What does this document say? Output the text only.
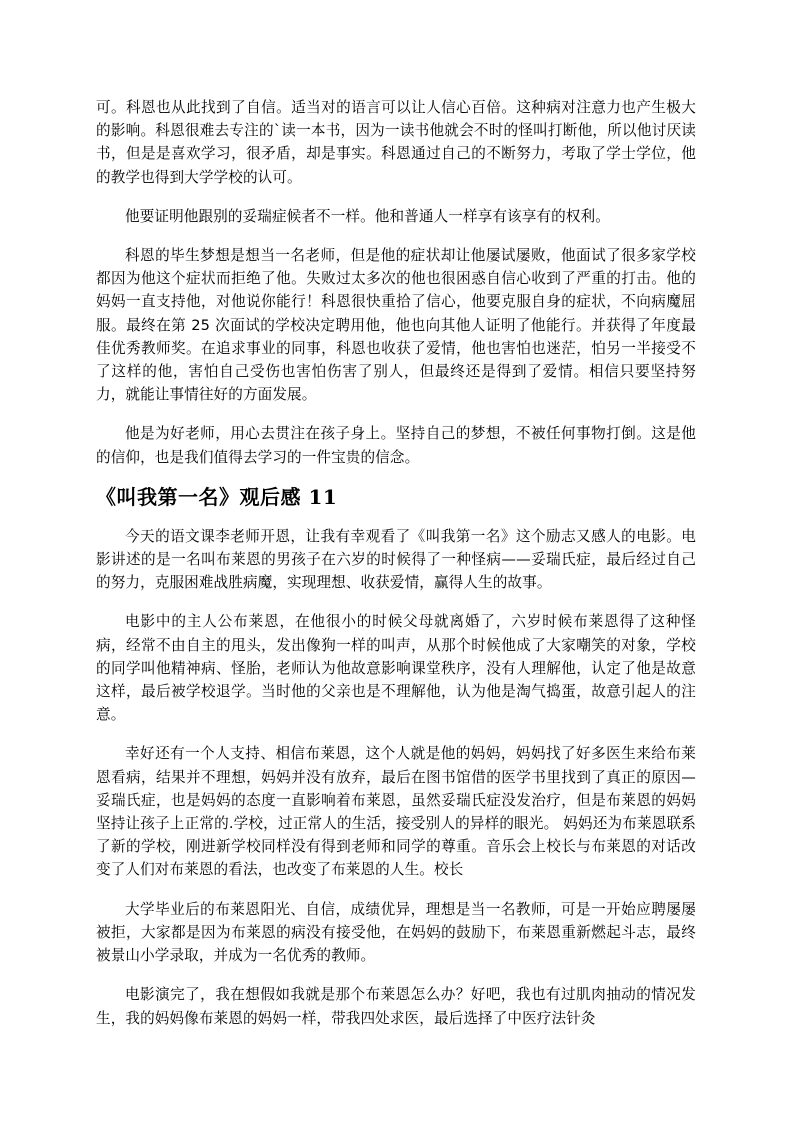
可。科恩也从此找到了自信。适当对的语言可以让人信心百倍。这种病对注意力也产生极大的影响。科恩很难去专注的`读一本书，因为一读书他就会不时的怪叫打断他，所以他讨厌读书，但是是喜欢学习，很矛盾，却是事实。科恩通过自己的不断努力，考取了学士学位，他的教学也得到大学学校的认可。

他要证明他跟别的妥瑞症候者不一样。他和普通人一样享有该享有的权利。

科恩的毕生梦想是想当一名老师，但是他的症状却让他屡试屡败，他面试了很多家学校都因为他这个症状而拒绝了他。失败过太多次的他也很困惑自信心收到了严重的打击。他的妈妈一直支持他，对他说你能行！科恩很快重拾了信心，他要克服自身的症状，不向病魔屈服。最终在第 25 次面试的学校决定聘用他，他也向其他人证明了他能行。并获得了年度最佳优秀教师奖。在追求事业的同事，科恩也收获了爱情，他也害怕也迷茫，怕另一半接受不了这样的他，害怕自己受伤也害怕伤害了别人，但最终还是得到了爱情。相信只要坚持努力，就能让事情往好的方面发展。

他是为好老师，用心去贯注在孩子身上。坚持自己的梦想，不被任何事物打倒。这是他的信仰，也是我们值得去学习的一件宝贵的信念。

《叫我第一名》观后感 11

今天的语文课李老师开恩，让我有幸观看了《叫我第一名》这个励志又感人的电影。电影讲述的是一名叫布莱恩的男孩子在六岁的时候得了一种怪病——妥瑞氏症，最后经过自己的努力，克服困难战胜病魔，实现理想、收获爱情，赢得人生的故事。

电影中的主人公布莱恩，在他很小的时候父母就离婚了，六岁时候布莱恩得了这种怪病，经常不由自主的甩头，发出像狗一样的叫声，从那个时候他成了大家嘲笑的对象，学校的同学叫他精神病、怪胎，老师认为他故意影响课堂秩序，没有人理解他，认定了他是故意这样，最后被学校退学。当时他的父亲也是不理解他，认为他是淘气捣蛋，故意引起人的注意。

幸好还有一个人支持、相信布莱恩，这个人就是他的妈妈，妈妈找了好多医生来给布莱恩看病，结果并不理想，妈妈并没有放弃，最后在图书馆借的医学书里找到了真正的原因—妥瑞氏症，也是妈妈的态度一直影响着布莱恩，虽然妥瑞氏症没发治疗，但是布莱恩的妈妈坚持让孩子上正常的.学校，过正常人的生活，接受别人的异样的眼光。 妈妈还为布莱恩联系了新的学校，刚进新学校同样没有得到老师和同学的尊重。音乐会上校长与布莱恩的对话改变了人们对布莱恩的看法，也改变了布莱恩的人生。校长

大学毕业后的布莱恩阳光、自信，成绩优异，理想是当一名教师，可是一开始应聘屡屡被拒，大家都是因为布莱恩的病没有接受他，在妈妈的鼓励下，布莱恩重新燃起斗志，最终被景山小学录取，并成为一名优秀的教师。

电影演完了，我在想假如我就是那个布莱恩怎么办？好吧，我也有过肌肉抽动的情况发生，我的妈妈像布莱恩的妈妈一样，带我四处求医，最后选择了中医疗法针灸
